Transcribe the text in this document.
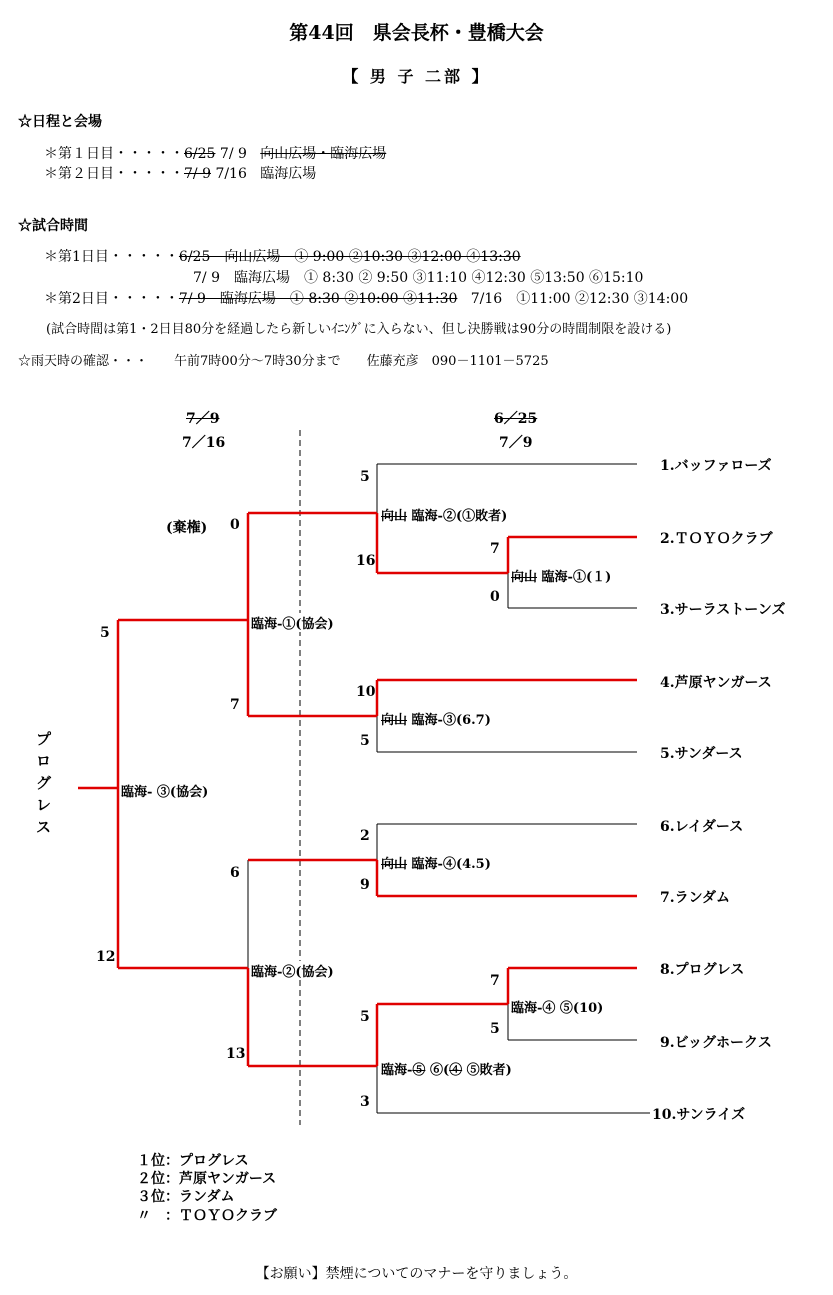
第44回　県会長杯・豊橋大会
【 男 子 二部 】
☆日程と会場
＊第１日目・・・・・6/25 7/ 9 向山広場・臨海広場
＊第２日目・・・・・7/ 9 7/16 臨海広場
☆試合時間
＊第1日目・・・・・6/25　向山広場　① 9:00 ②10:30 ③12:00 ④13:30
7/ 9　臨海広場　① 8:30 ② 9:50 ③11:10 ④12:30 ⑤13:50 ⑥15:10
＊第2日目・・・・・7/ 9　臨海広場　① 8:30 ②10:00 ③11:30 7/16　①11:00 ②12:30 ③14:00
(試合時間は第1・2日目80分を経過したら新しいｲﾆﾝｸﾞに入らない、但し決勝戦は90分の時間制限を設ける)
☆雨天時の確認・・・　　午前7時00分～7時30分まで　　佐藤充彦　090－1101－5725
7／9
7／16
6／25
7／9
プ
ロ
グ
レ
ス
1.バッファローズ
2.ＴＯＹＯクラブ
3.サーラストーンズ
4.芦原ヤンガース
5.サンダース
6.レイダース
7.ランダム
8.プログレス
9.ビッグホークス
10.サンライズ
向山 臨海-②(①敗者)
向山 臨海-①(１)
向山 臨海-③(6.7)
向山 臨海-④(4.5)
臨海-④ ⑤(10)
臨海-⑤ ⑥(④ ⑤敗者)
臨海-①(協会)
臨海-②(協会)
臨海- ③(協会)
5
16
7
0
10
5
2
9
7
5
5
3
(棄権) 0
7
6
13
5
12
１位：プログレス
２位：芦原ヤンガース
３位：ランダム
〃　：ＴＯＹＯクラブ
【お願い】禁煙についてのマナーを守りましょう。
